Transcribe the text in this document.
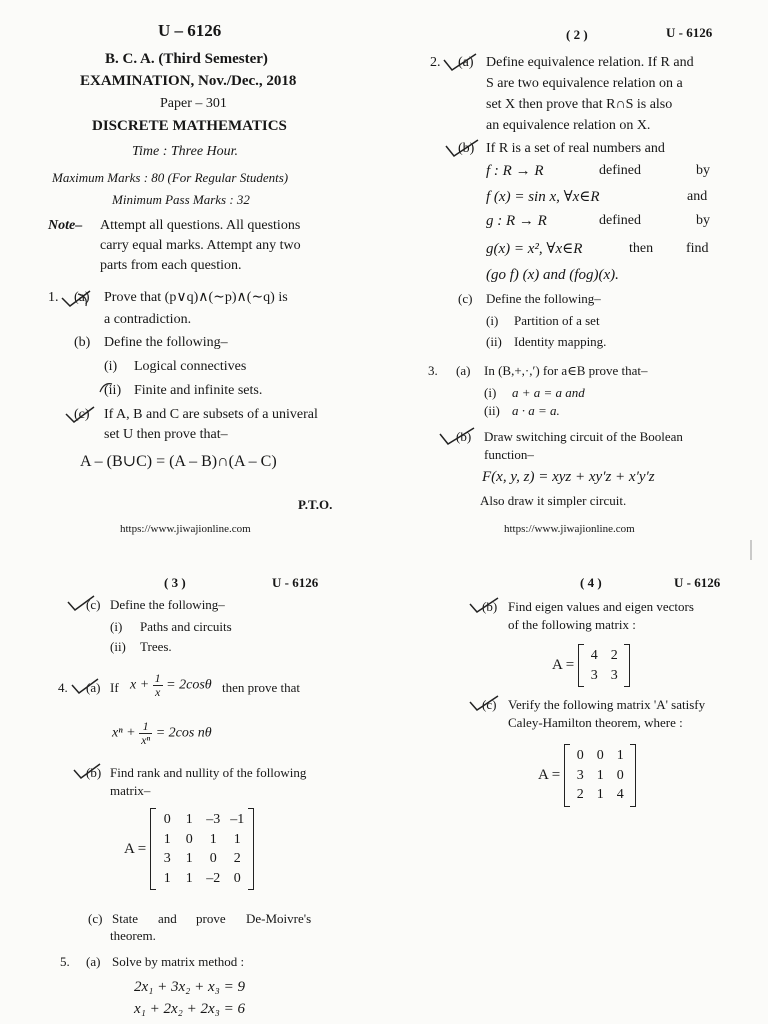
U – 6126
B. C. A. (Third Semester)
EXAMINATION, Nov./Dec., 2018
Paper – 301
DISCRETE MATHEMATICS
Time : Three Hour.
Maximum Marks : 80 (For Regular Students)
Minimum Pass Marks : 32
Note– Attempt all questions. All questions
carry equal marks. Attempt any two
parts from each question.
1. (a) Prove that (p∨q)∧(∼p)∧(∼q) is
a contradiction.
(b) Define the following–
(i) Logical connectives
(ii) Finite and infinite sets.
(c) If A, B and C are subsets of a univeral
set U then prove that–
A – (B∪C) = (A – B)∩(A – C)
P.T.O.
https://www.jiwajionline.com
( 2 )	U - 6126
2. (a) Define equivalence relation. If R and
S are two equivalence relation on a
set X then prove that R∩S is also
an equivalence relation on X.
(b) If R is a set of real numbers and
f : R → R	defined	by
f (x) = sin x, ∀x∈R	and
g : R → R	defined	by
g(x) = x², ∀x∈R	then find
(go f) (x) and (fog)(x).
(c) Define the following–
(i) Partition of a set
(ii) Identity mapping.
3. (a) In (B,+,·,′) for a∈B prove that–
(i) a + a = a and
(ii) a · a = a.
(b) Draw switching circuit of the Boolean
function–
F(x, y, z) = xyz + xy′z + x′y′z
Also draw it simpler circuit.
https://www.jiwajionline.com
( 3 )	U - 6126
(c) Define the following–
(i) Paths and circuits
(ii) Trees.
4. (a) If $x + \frac{1}{x} = 2\cos\theta$ then prove that
$x^n + \frac{1}{\text{xⁿ}} = 2\cos$ nθ
(b) Find rank and nullity of the following
matrix–
A =
0	1 –3 –1
1	0	1	1
3	1	0	2
1	1 –2 0
(c) State and prove De-Moivre's
theorem.
5. (a) Solve by matrix method :
2x₁ + 3x₂ + x₃ = 9
x₁ + 2x₂ + 2x₃ = 6
( 4 )	U - 6126
(b) Find eigen values and eigen vectors
of the following matrix :
A =
4 2
3 3
(c) Verify the following matrix 'A' satisfy
Caley-Hamilton theorem, where :
A =
0 0 1
3 1 0
2 1 4
